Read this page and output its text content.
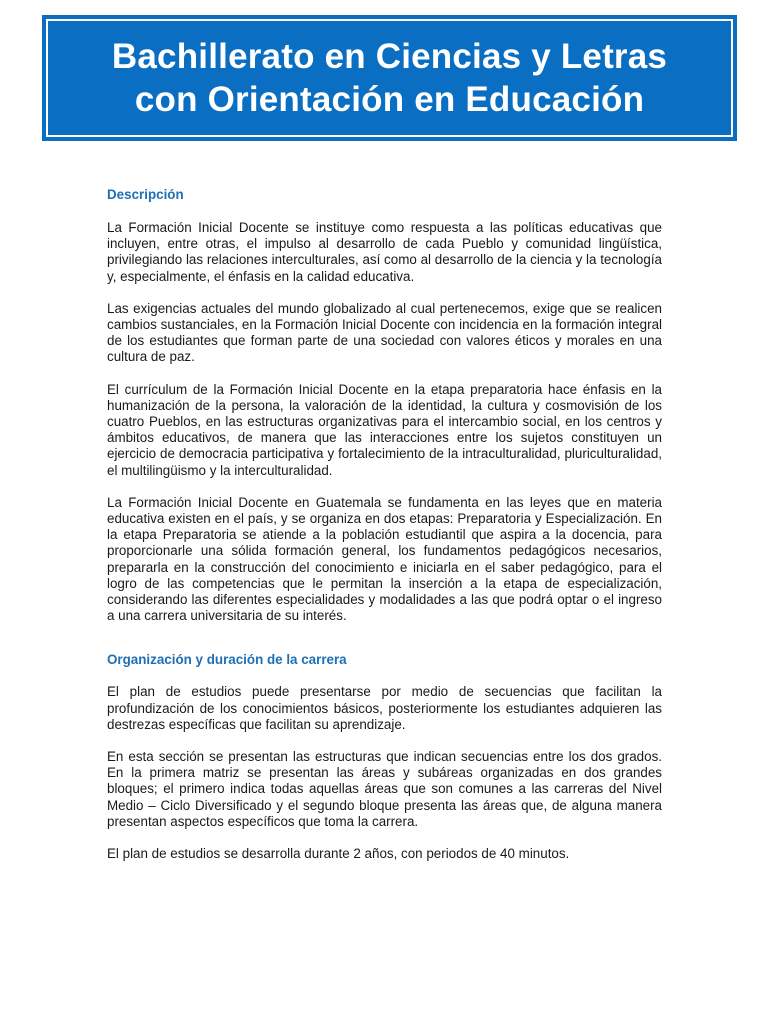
Bachillerato en Ciencias y Letras
con Orientación en Educación
Descripción

La Formación Inicial Docente se instituye como respuesta a las políticas educativas que incluyen, entre otras, el impulso al desarrollo de cada Pueblo y comunidad lingüística, privilegiando las relaciones interculturales, así como al desarrollo de la ciencia y la tecnología y, especialmente, el énfasis en la calidad educativa.

Las exigencias actuales del mundo globalizado al cual pertenecemos, exige que se realicen cambios sustanciales, en la Formación Inicial Docente con incidencia en la formación integral de los estudiantes que forman parte de una sociedad con valores éticos y morales en una cultura de paz.

El currículum de la Formación Inicial Docente en la etapa preparatoria hace énfasis en la humanización de la persona, la valoración de la identidad, la cultura y cosmovisión de los cuatro Pueblos, en las estructuras organizativas para el intercambio social, en los centros y ámbitos educativos, de manera que las interacciones entre los sujetos constituyen un ejercicio de democracia participativa y fortalecimiento de la intraculturalidad, pluriculturalidad, el multilingüismo y la interculturalidad.

La Formación Inicial Docente en Guatemala se fundamenta en las leyes que en materia educativa existen en el país, y se organiza en dos etapas: Preparatoria y Especialización. En la etapa Preparatoria se atiende a la población estudiantil que aspira a la docencia, para proporcionarle una sólida formación general, los fundamentos pedagógicos necesarios, prepararla en la construcción del conocimiento e iniciarla en el saber pedagógico, para el logro de las competencias que le permitan la inserción a la etapa de especialización, considerando las diferentes especialidades y modalidades a las que podrá optar o el ingreso a una carrera universitaria de su interés.

Organización y duración de la carrera

El plan de estudios puede presentarse por medio de secuencias que facilitan la profundización de los conocimientos básicos, posteriormente los estudiantes adquieren las destrezas específicas que facilitan su aprendizaje.

En esta sección se presentan las estructuras que indican secuencias entre los dos grados. En la primera matriz se presentan las áreas y subáreas organizadas en dos grandes bloques; el primero indica todas aquellas áreas que son comunes a las carreras del Nivel Medio – Ciclo Diversificado y el segundo bloque presenta las áreas que, de alguna manera presentan aspectos específicos que toma la carrera.

El plan de estudios se desarrolla durante 2 años, con periodos de 40 minutos.
